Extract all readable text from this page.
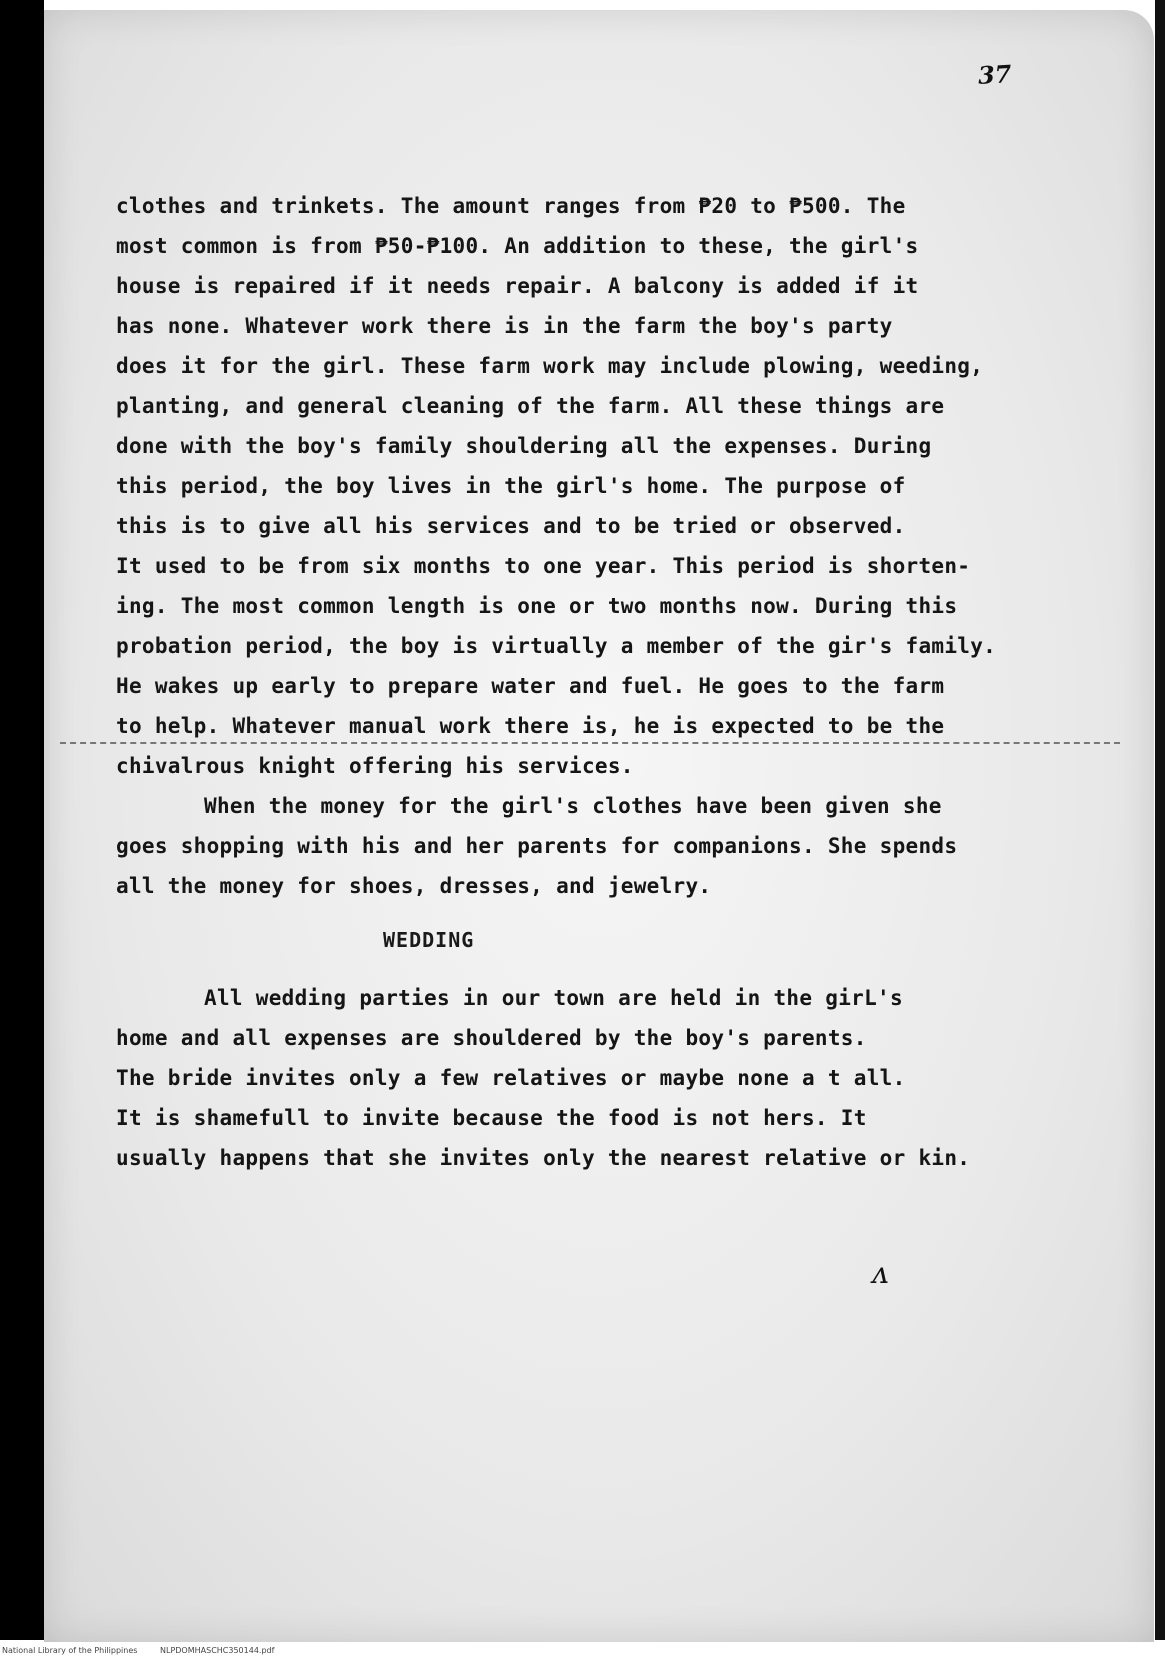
37
clothes and trinkets. The amount ranges from ₱20 to ₱500. The
most common is from ₱50-₱100. An addition to these, the girl's
house is repaired if it needs repair. A balcony is added if it
has none. Whatever work there is in the farm the boy's party
does it for the girl. These farm work may include plowing, weeding,
planting, and general cleaning of the farm. All these things are
done with the boy's family shouldering all the expenses. During
this period, the boy lives in the girl's home. The purpose of
this is to give all his services and to be tried or observed.
It used to be from six months to one year. This period is shorten-
ing. The most common length is one or two months now. During this
probation period, the boy is virtually a member of the gir's family.
He wakes up early to prepare water and fuel. He goes to the farm
to help. Whatever manual work there is, he is expected to be the
chivalrous knight offering his services.
When the money for the girl's clothes have been given she
goes shopping with his and her parents for companions. She spends
all the money for shoes, dresses, and jewelry.
WEDDING
All wedding parties in our town are held in the girL's
home and all expenses are shouldered by the boy's parents.
The bride invites only a few relatives or maybe none a t all.
It is shamefull to invite because the food is not hers. It
usually happens that she invites only the nearest relative or kin.
ᴧ
National Library of the Philippines	NLPDOMHASCHC350144.pdf
